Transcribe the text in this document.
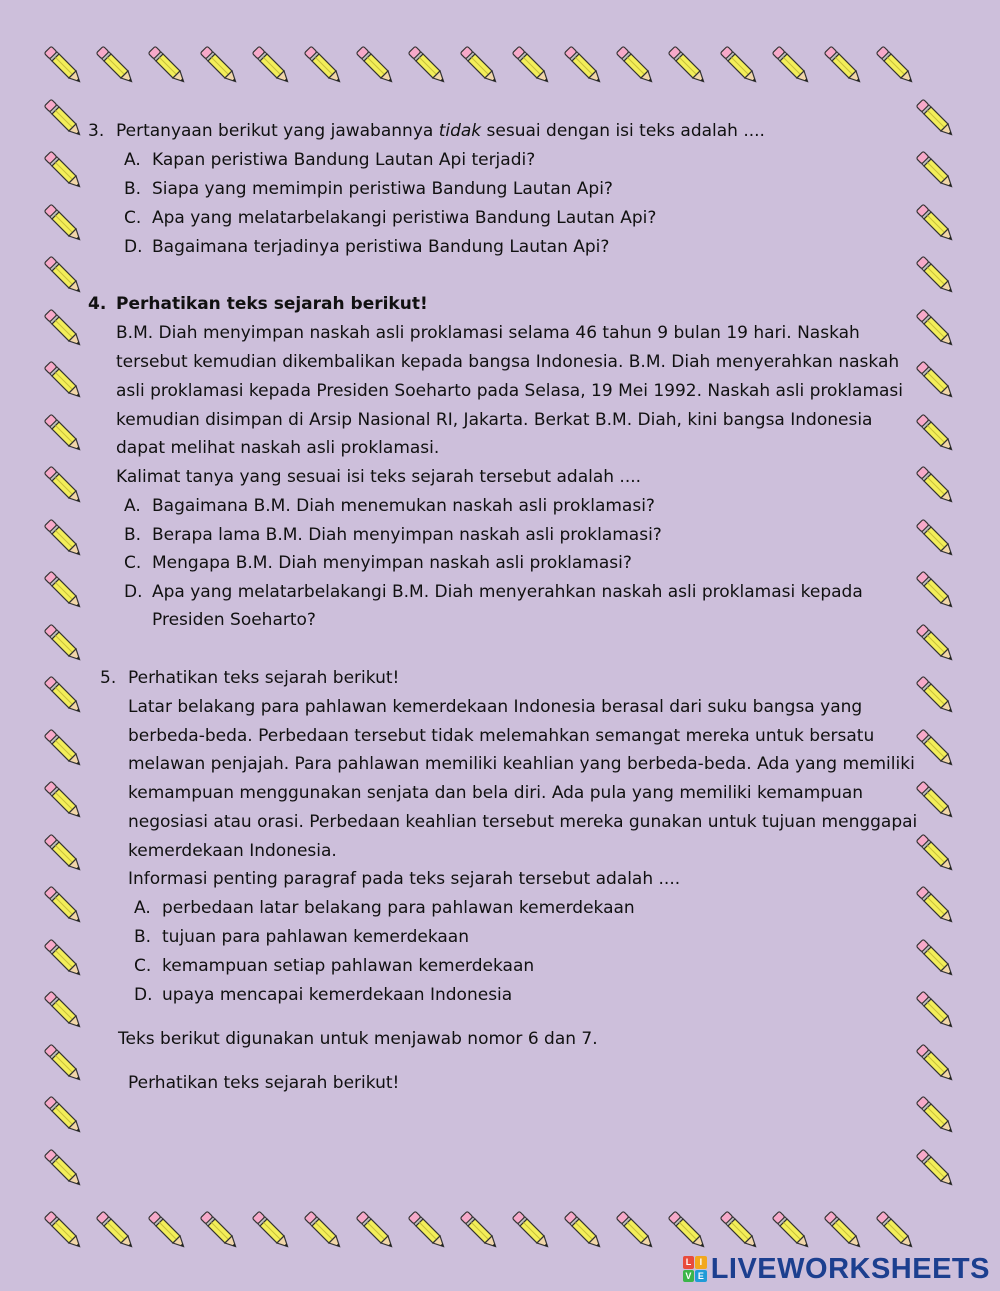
3. Pertanyaan berikut yang jawabannya tidak sesuai dengan isi teks adalah ....
A. Kapan peristiwa Bandung Lautan Api terjadi?
B. Siapa yang memimpin peristiwa Bandung Lautan Api?
C. Apa yang melatarbelakangi peristiwa Bandung Lautan Api?
D. Bagaimana terjadinya peristiwa Bandung Lautan Api?
4. Perhatikan teks sejarah berikut!
B.M. Diah menyimpan naskah asli proklamasi selama 46 tahun 9 bulan 19 hari. Naskah
tersebut kemudian dikembalikan kepada bangsa Indonesia. B.M. Diah menyerahkan naskah
asli proklamasi kepada Presiden Soeharto pada Selasa, 19 Mei 1992. Naskah asli proklamasi
kemudian disimpan di Arsip Nasional RI, Jakarta. Berkat B.M. Diah, kini bangsa Indonesia
dapat melihat naskah asli proklamasi.
Kalimat tanya yang sesuai isi teks sejarah tersebut adalah ....
A. Bagaimana B.M. Diah menemukan naskah asli proklamasi?
B. Berapa lama B.M. Diah menyimpan naskah asli proklamasi?
C. Mengapa B.M. Diah menyimpan naskah asli proklamasi?
D. Apa yang melatarbelakangi B.M. Diah menyerahkan naskah asli proklamasi kepada
Presiden Soeharto?
5. Perhatikan teks sejarah berikut!
Latar belakang para pahlawan kemerdekaan Indonesia berasal dari suku bangsa yang
berbeda-beda. Perbedaan tersebut tidak melemahkan semangat mereka untuk bersatu
melawan penjajah. Para pahlawan memiliki keahlian yang berbeda-beda. Ada yang memiliki
kemampuan menggunakan senjata dan bela diri. Ada pula yang memiliki kemampuan
negosiasi atau orasi. Perbedaan keahlian tersebut mereka gunakan untuk tujuan menggapai
kemerdekaan Indonesia.
Informasi penting paragraf pada teks sejarah tersebut adalah ....
A. perbedaan latar belakang para pahlawan kemerdekaan
B. tujuan para pahlawan kemerdekaan
C. kemampuan setiap pahlawan kemerdekaan
D. upaya mencapai kemerdekaan Indonesia
Teks berikut digunakan untuk menjawab nomor 6 dan 7.
Perhatikan teks sejarah berikut!
L I
V E LIVEWORKSHEETS
